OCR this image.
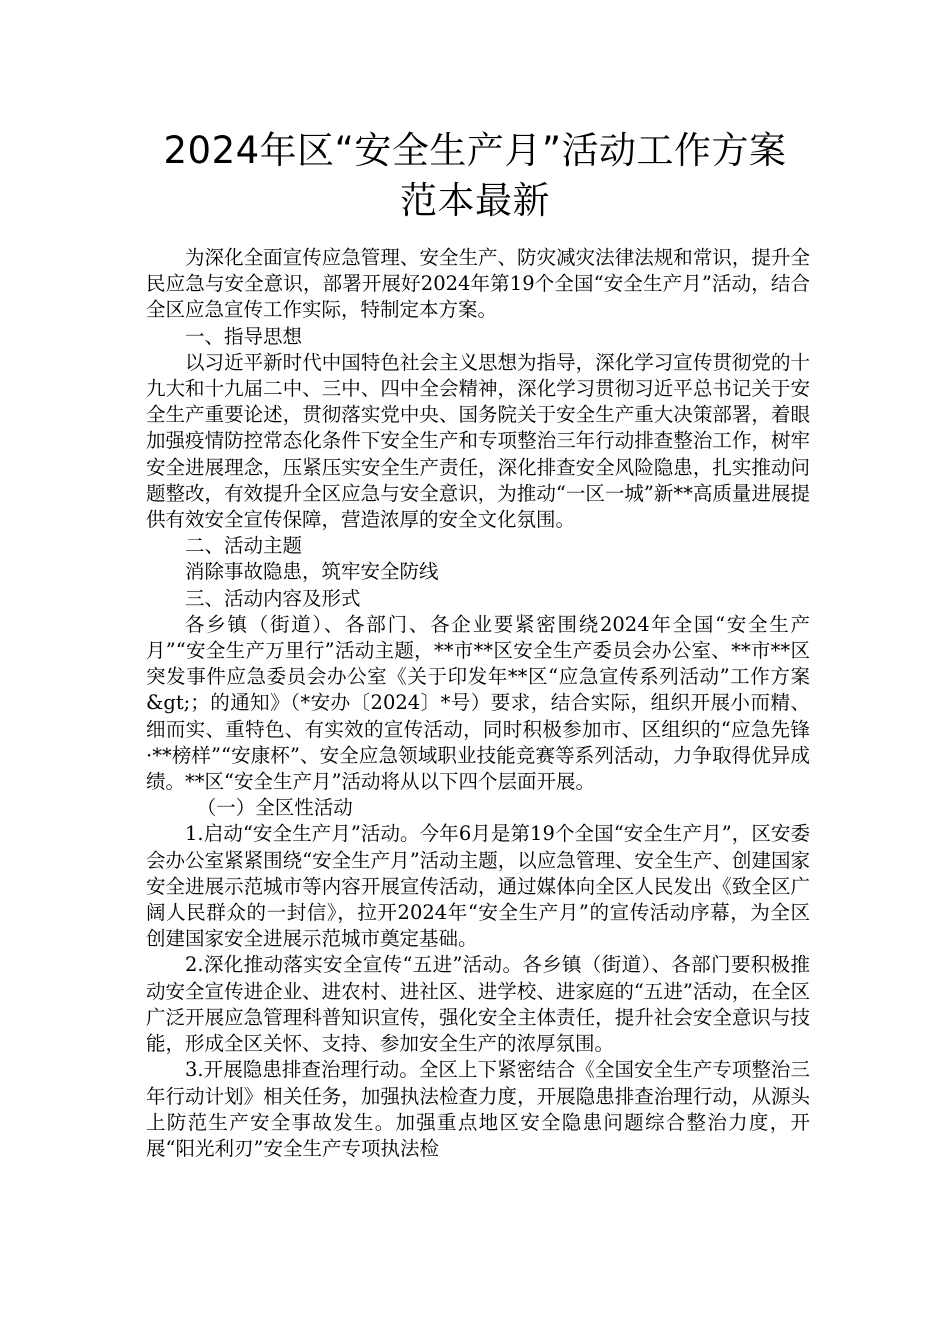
2024年区“安全生产月”活动工作方案
范本最新

为深化全面宣传应急管理、安全生产、防灾减灾法律法规和常识，提升全民应急与安全意识，部署开展好2024年第19个全国“安全生产月”活动，结合全区应急宣传工作实际，特制定本方案。

一、指导思想

以习近平新时代中国特色社会主义思想为指导，深化学习宣传贯彻党的十九大和十九届二中、三中、四中全会精神，深化学习贯彻习近平总书记关于安全生产重要论述，贯彻落实党中央、国务院关于安全生产重大决策部署，着眼加强疫情防控常态化条件下安全生产和专项整治三年行动排查整治工作，树牢安全进展理念，压紧压实安全生产责任，深化排查安全风险隐患，扎实推动问题整改，有效提升全区应急与安全意识，为推动“一区一城”新**高质量进展提供有效安全宣传保障，营造浓厚的安全文化氛围。

二、活动主题

消除事故隐患，筑牢安全防线

三、活动内容及形式

各乡镇（街道）、各部门、各企业要紧密围绕2024年全国“安全生产月”“安全生产万里行”活动主题，**市**区安全生产委员会办公室、**市**区突发事件应急委员会办公室《关于印发年**区“应急宣传系列活动”工作方案&gt;；的通知》（*安办〔2024〕*号）要求，结合实际，组织开展小而精、细而实、重特色、有实效的宣传活动，同时积极参加市、区组织的“应急先锋·**榜样”“安康杯”、安全应急领域职业技能竞赛等系列活动，力争取得优异成绩。**区“安全生产月”活动将从以下四个层面开展。

（一）全区性活动

1.启动“安全生产月”活动。今年6月是第19个全国“安全生产月”，区安委会办公室紧紧围绕“安全生产月”活动主题，以应急管理、安全生产、创建国家安全进展示范城市等内容开展宣传活动，通过媒体向全区人民发出《致全区广阔人民群众的一封信》，拉开2024年“安全生产月”的宣传活动序幕，为全区创建国家安全进展示范城市奠定基础。

2.深化推动落实安全宣传“五进”活动。各乡镇（街道）、各部门要积极推动安全宣传进企业、进农村、进社区、进学校、进家庭的“五进”活动，在全区广泛开展应急管理科普知识宣传，强化安全主体责任，提升社会安全意识与技能，形成全区关怀、支持、参加安全生产的浓厚氛围。

3.开展隐患排查治理行动。全区上下紧密结合《全国安全生产专项整治三年行动计划》相关任务，加强执法检查力度，开展隐患排查治理行动，从源头上防范生产安全事故发生。加强重点地区安全隐患问题综合整治力度，开展“阳光利刃”安全生产专项执法检
